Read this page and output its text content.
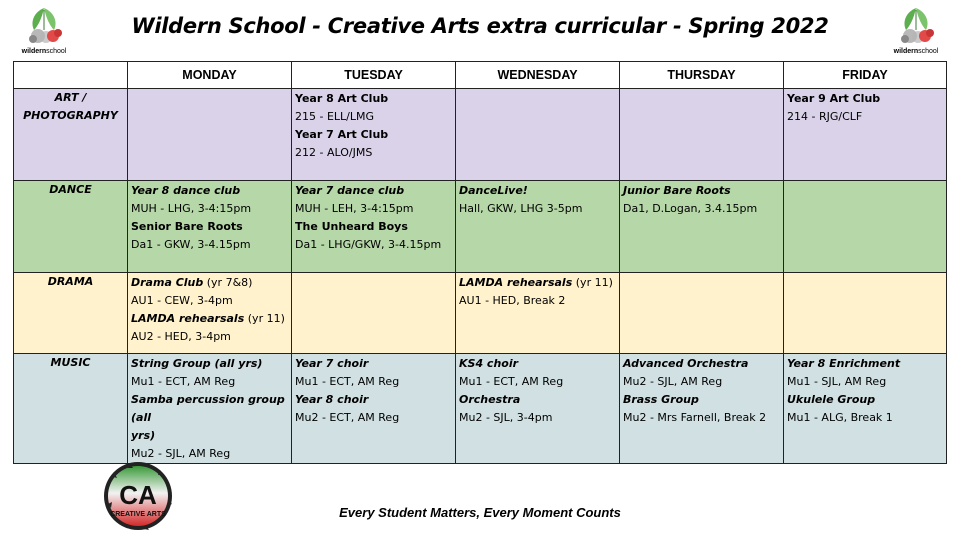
Wildern School - Creative Arts extra curricular - Spring 2022
wildernschool	wildernschool
	MONDAY	TUESDAY	WEDNESDAY	THURSDAY	FRIDAY

ART /
PHOTOGRAPHY		Year 8 Art Club
215 - ELL/LMG
Year 7 Art Club
212 - ALO/JMS			Year 9 Art Club
214 - RJG/CLF

DANCE	Year 8 dance club
MUH - LHG, 3-4:15pm
Senior Bare Roots
Da1 - GKW, 3-4.15pm	Year 7 dance club
MUH - LEH, 3-4:15pm
The Unheard Boys
Da1 - LHG/GKW, 3-4.15pm	DanceLive!
Hall, GKW, LHG 3-5pm	Junior Bare Roots
Da1, D.Logan, 3.4.15pm	

DRAMA	Drama Club (yr 7&8)
AU1 - CEW, 3-4pm
LAMDA rehearsals (yr 11)
AU2 - HED, 3-4pm		LAMDA rehearsals (yr 11)
AU1 - HED, Break 2		

MUSIC	String Group (all yrs)
Mu1 - ECT, AM Reg
Samba percussion group (all
yrs)
Mu2 - SJL, AM Reg	Year 7 choir
Mu1 - ECT, AM Reg
Year 8 choir
Mu2 - ECT, AM Reg	KS4 choir
Mu1 - ECT, AM Reg
Orchestra
Mu2 - SJL, 3-4pm	Advanced Orchestra
Mu2 - SJL, AM Reg
Brass Group
Mu2 - Mrs Farnell, Break 2	Year 8 Enrichment
Mu1 - SJL, AM Reg
Ukulele Group
Mu1 - ALG, Break 1
CA
CREATIVE ARTS	Every Student Matters, Every Moment Counts
